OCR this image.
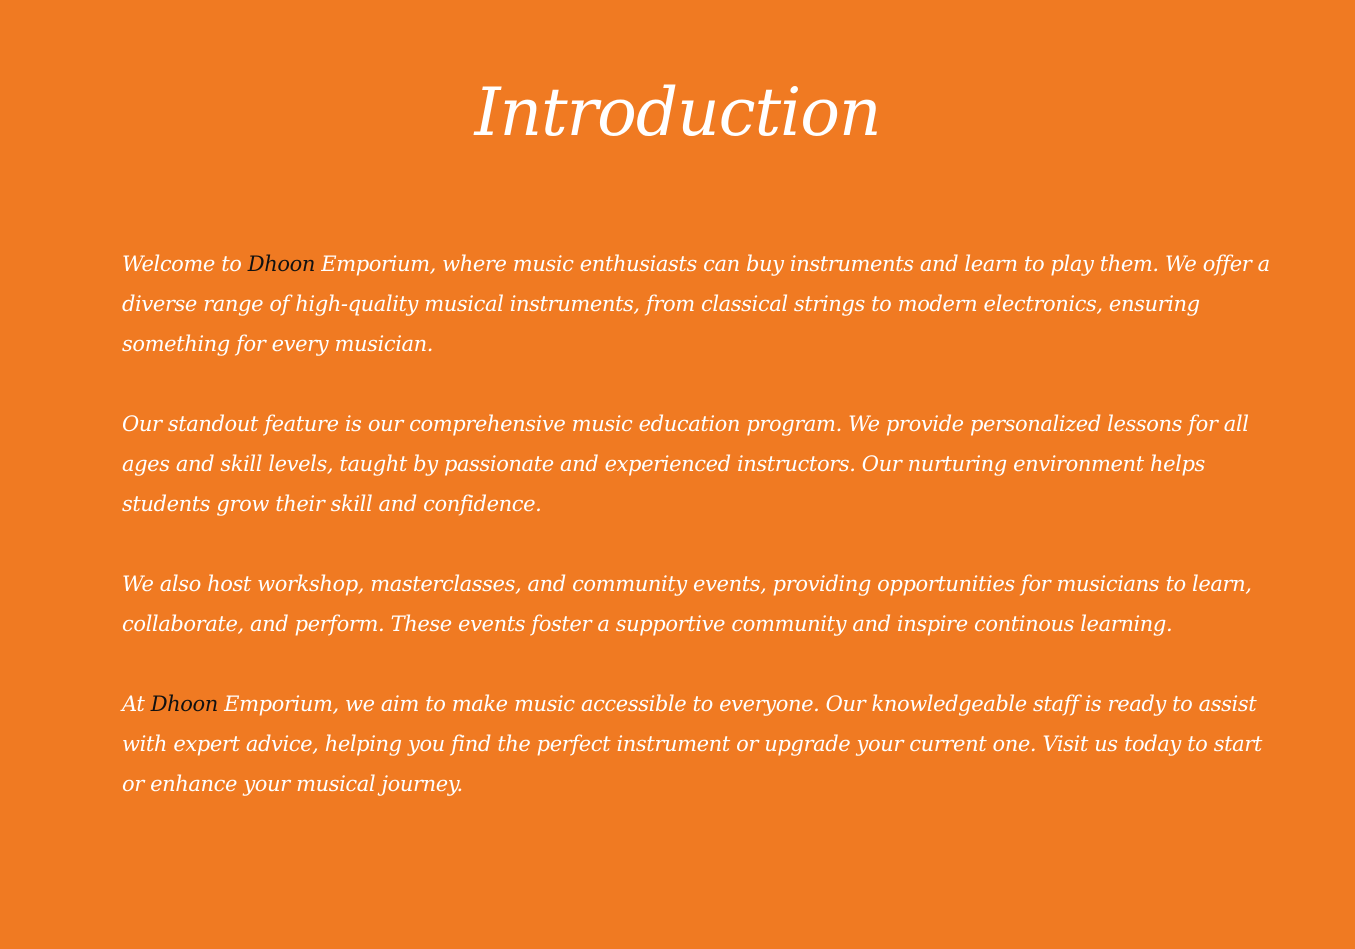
Introduction

Welcome to Dhoon Emporium, where music enthusiasts can buy instruments and learn to play them. We offer a diverse range of high-quality musical instruments, from classical strings to modern electronics, ensuring something for every musician.

Our standout feature is our comprehensive music education program. We provide personalized lessons for all ages and skill levels, taught by passionate and experienced instructors. Our nurturing environment helps students grow their skill and confidence.

We also host workshop, masterclasses, and community events, providing opportunities for musicians to learn, collaborate, and perform. These events foster a supportive community and inspire continous learning.

At Dhoon Emporium, we aim to make music accessible to everyone. Our knowledgeable staff is ready to assist with expert advice, helping you find the perfect instrument or upgrade your current one. Visit us today to start or enhance your musical journey.
